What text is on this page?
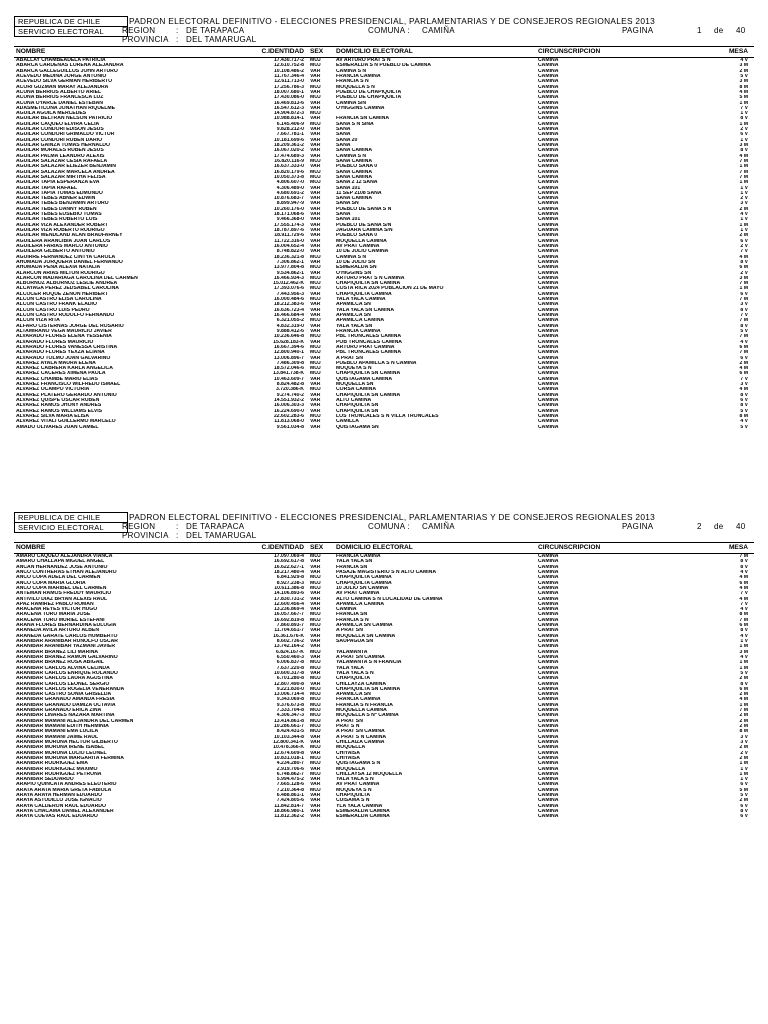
REPUBLICA DE CHILE
SERVICIO ELECTORAL
PADRON ELECTORAL DEFINITIVO - ELECCIONES PRESIDENCIAL, PARLAMENTARIAS Y DE CONSEJEROS REGIONALES 2013
REGION	: DE TARAPACA	COMUNA : CAMIÑA	PAGINA	1 de 40
PROVINCIA : DEL TAMARUGAL
NOMBRE	C.IDENTIDAD SEX DOMICILIO ELECTORAL	CIRCUNSCRIPCION	MESA
ABALLAY CHAMBEADELA PATRICIA	17.430.717-2 MUJ	AV ARTURO PRAT S N	CAMIÑA	4 V
ABARCA CARDENAS LORENA ALEJANDRA	12.610.752-8 MUJ	ESMERALDA S N PUEBLO DE CAMIÑA	CAMIÑA	3 M
ABARCA GALLEGUILLOS JOHN ARTURO	10.108.486-2 VAR	CAMIÑA S N	CAMIÑA	2 M
ACEVEDO MEDINA JORGE ANTONIO	11.767.346-4 VAR	FRANCIA CAMIÑA	CAMIÑA	5 V
ACEVEDO SILVA GERMAN HERIBERTO	12.611.713-0 VAR	FRANCIA S N	CAMIÑA	3 M
ACORI GUZMAN MARAY ALEJANDRA	17.256.786-3 MUJ	MOQUELLA S N	CAMIÑA	8 M
ACUÑA BERRIOS ALBERTO ARIEL	18.007.680-1 VAR	PUEBLO DE CHAPIQUILTA	CAMIÑA	4 M
ACUÑA BERRIOS FRANCESCA LUZ	17.430.086-0 MUJ	PUEBLO DE CHAPIQUILTA	CAMIÑA	5 M
ACUÑA OYARCE DANIEL ESTEBAN	16.469.813-6 VAR	CAMIÑA S/N	CAMIÑA	1 M
ADASMETICONA JONATHAN RIQUELME	16.547.612-3 VAR	O'HIGGINS CAMIÑA	CAMIÑA	7 V
AGUILA AGUILA MERCEDES	14.904.872-3 MUJ	CAMIÑA	1 V
AGUILAR BELTRAN NELSON PATRICIO	10.988.814-1 VAR	FRANCIA SN CAMIÑA	CAMIÑA	8 V
AGUILAR CAQUEO ELVIRA CELIA	6.145.406-9 MUJ	SAÑA S N SIÑA	CAMIÑA	1 M
AGUILAR CONDORI EDISON JESUS	9.828.212-0 VAR	SAÑA	CAMIÑA	2 V
AGUILAR CONDORI GRIMALDO VICTOR	7.667.781-1 VAR	SAÑA	CAMIÑA	6 V
AGUILAR CONDORI RUBEN DARIO	10.181.699-6 VAR	SAÑA 20	CAMIÑA	1 V
AGUILAR GAINZA TOMAS HERNALDO	18.209.361-2 VAR	SAÑA	CAMIÑA	3 M
AGUILAR MORALES RUBEN JESUS	16.067.020-2 VAR	SAÑA CAMIÑA	CAMIÑA	8 V
AGUILAR PALMA LEANDRO ALEXIS	17.474.689-3 VAR	CAMIÑA S N	CAMIÑA	4 M
AGUILAR SALAZAR CESIA RAFAELA	16.820.116-9 MUJ	SAÑA CAMIÑA	CAMIÑA	7 M
AGUILAR SALAZAR ELIEZER BENJAMIN	16.637.333-0 VAR	PUEBLO SAÑA 0	CAMIÑA	1 M
AGUILAR SALAZAR MARCELA ANDREA	16.820.179-6 MUJ	SAÑA CAMIÑA	CAMIÑA	7 M
AGUILAR SALAZAR MIRTHA FELISA	10.050.373-8 MUJ	SAÑA CAMIÑA	CAMIÑA	7 M
AGUILAR TAPIA ESPERANZA EVA	4.806.607-0 MUJ	SAÑA 2 12 SAÑA	CAMIÑA	1 M
AGUILAR TAPIA RAFAEL	4.306.489-0 VAR	SAÑA 101	CAMIÑA	1 V
AGUILAR TAPIA TOMAS EDMUNDO	4.680.691-2 VAR	11 SEP 2108 SAÑA	CAMIÑA	1 V
AGUILAR TEBES ABNER EDWIN	10.876.683-7 VAR	SAÑA CAMIÑA	CAMIÑA	2 V
AGUILAR TEBES BENJAMIN ARTURO	8.899.947-9 VAR	SAÑA SN	CAMIÑA	3 V
AGUILAR TEBES DANNY RUBEN	10.260.176-0 VAR	PUEBLO DE SAÑA S N	CAMIÑA	2 M
AGUILAR TEBES EUSEBIO TOMAS	18.171.068-6 VAR	SAÑA	CAMIÑA	4 V
AGUILAR TEBES ROBERTO LUIS	9.466.368-0 VAR	SAÑA 101	CAMIÑA	1 V
AGUILAR VIZA ALEXANDER ROBERT	17.555.174-3 VAR	PUEBLO DE SAÑA S/N	CAMIÑA	1 M
AGUILAR VIZA ROBERTO RODRIGO	18.787.897-6 VAR	JAGUARA CAMIÑA S/N	CAMIÑA	1 V
AGUILAR WENDLAND ALAN BRADFARNEY	18.911.729-6 VAR	PUEBLO SAÑA 0	CAMIÑA	2 M
AGUILERA ARANCIBIA JUAN CARLOS	11.722.316-0 VAR	MOQUELLA CAMIÑA	CAMIÑA	6 V
AGUILERA FARIAS MARCO ANTONIO	16.004.652-4 VAR	AV PRAT CAMIÑA	CAMIÑA	2 V
AGUILERA GILBERTO ANTONIO	8.748.822-0 VAR	10 DE JULIO CAMIÑA	CAMIÑA	7 V
AGUIRRE FERNANDEZ CINTYA CAROLA	18.236.321-8 MUJ	CAMIÑA S N	CAMIÑA	4 M
AHUMADA JORQUERA DANIEL FERNANDO	7.306.862-1 VAR	10 DE JULIO SN	CAMIÑA	8 V
AHUMADA PEÑA ALEXIA NATALIA	13.977.804-8 MUJ	ESMERALDA SN	CAMIÑA	6 M
ALARCON ARIAS MILTON RODRIGO	9.534.862-1 VAR	O'HIGGINS SN	CAMIÑA	2 V
ALARCON MADARIAGA CAROLINA DEL CARMEN	16.466.934-3 MUJ	ARTURO PRAT S N CAMIÑA	CAMIÑA	3 M
ALBORNOZ ALBORNOZ LESLIE ANDREA	15.012.462-K MUJ	CHAPIQUILTA SN CAMIÑA	CAMIÑA	7 M
ALCAYAGA PEREZ JEDSABEL CAROLINA	17.393.076-6 MUJ	COSTA RICA 2024 POBLACION 21 DE MAYO	CAMIÑA	1 M
ALCOCER ROQUE ZENON HERIBERT	7.443.956-3 VAR	CHAPIQUILTA CAMIÑA	CAMIÑA	6 V
ALCON CASTRO ELISA CAROLINA	16.000.484-6 MUJ	YALA YALA CAMIÑA	CAMIÑA	7 M
ALCON CASTRO FRANK ELADIO	18.212.383-6 VAR	APAMILCA SN	CAMIÑA	3 V
ALCON CASTRO LUIS PEDRO	16.636.723-4 VAR	YALA YALA SN CAMIÑA	CAMIÑA	8 V
ALCON CASTRO RODOLFO FERNANDO	16.466.684-4 VAR	APAMILCA SN	CAMIÑA	7 V
ALCON VIZA RITA	6.321.055-2 MUJ	APAMILCA CAMIÑA	CAMIÑA	7 M
ALFARO CISTERNAS JORGE DEL ROSARIO	4.832.319-0 VAR	YALA YALA SN	CAMIÑA	8 V
ALTAMIRANO VEGA MAURICIO JAVIER	9.888.412-6 VAR	FRANCIA CAMIÑA	CAMIÑA	5 V
ALVARADO FLORES ELENA YESSENIA	10.236.646-8 MUJ	PBL TRONCALES CAMIÑA	CAMIÑA	7 M
ALVARADO FLORES MAURICIO	15.628.183-K VAR	POB TRONCALES CAMIÑA	CAMIÑA	4 V
ALVARADO FLORES VANESSA CRISTINA	16.667.394-6 MUJ	ARTURO PRAT CAMIÑA	CAMIÑA	6 M
ALVARADO FLORES YEXZA ELIANA	12.800.940-1 MUJ	PBL TRONCALES CAMIÑA	CAMIÑA	7 M
ALVARADO TOLMO JUAN GALVARINO	13.006.896-7 VAR	A PRAT SN	CAMIÑA	6 V
ALVAREZ AYALA MAURA ELENA	7.486.309-8 MUJ	PUEBLO APAMILCA S N CAMIÑA	CAMIÑA	2 M
ALVAREZ CABRERA KARLA ANGELICA	18.572.046-6 MUJ	MOQUEYA S N	CAMIÑA	4 M
ALVAREZ CACERES XIMENA PAOLA	13.841.738-K MUJ	CHAPIQUILTA SN CAMIÑA	CAMIÑA	6 M
ALVAREZ CHAMBE MARIO ELIAS	10.463.609-7 VAR	QUISTAGAMA CAMIÑA	CAMIÑA	7 V
ALVAREZ FRANCISCO WILFREDO ISMAEL	8.824.482-8 VAR	MOQUELLA SN	CAMIÑA	3 V
ALVAREZ OCAMPO VICTORIA	3.720.386-K MUJ	CORSA CAMIÑA	CAMIÑA	4 M
ALVAREZ PLATERO GERARDO ANTONIO	9.274.740-2 VAR	CHAPIQUILTA SN CAMIÑA	CAMIÑA	8 V
ALVAREZ QUISPE OSCAR RUBEN	14.551.932-2 VAR	ALTO CAMIÑA	CAMIÑA	6 V
ALVAREZ RAMOS JHONY ANDRES	16.006.303-3 VAR	CHAPIQUILTA SN	CAMIÑA	8 V
ALVAREZ RAMOS WILLIAMS ELVIS	16.224.690-0 VAR	CHAPIQUILTA SN	CAMIÑA	5 V
ALVAREZ SILVA MARIA ELISA	22.602.283-6 MUJ	LOS TRONCALES S N VILLA TRONCALES	CAMIÑA	8 M
ALVAREZ VITALI GUILLERMO MARCELO	11.813.068-0 VAR	CAMILLA	CAMIÑA	4 V
AMADO OLIVARES JUAN CAMIEL	9.561.034-8 VAR	QUISTAGAMA SN	CAMIÑA	5 V
REPUBLICA DE CHILE
SERVICIO ELECTORAL
PADRON ELECTORAL DEFINITIVO - ELECCIONES PRESIDENCIAL, PARLAMENTARIAS Y DE CONSEJEROS REGIONALES 2013
REGION	: DE TARAPACA	COMUNA : CAMIÑA	PAGINA	2 de 40
PROVINCIA : DEL TAMARUGAL
NOMBRE	C.IDENTIDAD SEX DOMICILIO ELECTORAL	CIRCUNSCRIPCION	MESA
AMARO CAQUEO ALEJANDRA VIANCA	17.097.069-4 MUJ	FRANCIA CAMIÑA	CAMIÑA	7 M
AMARO CHALLAPA MIGUEL ANGEL	16.692.617-8 VAR	YALA YALA SN	CAMIÑA	8 V
ANCAN HERNANDEZ JOSE ANTONIO	16.622.627-1 VAR	FRANCIA SN	CAMIÑA	8 V
ANCO CONTRERAS ETHAN ALEJANDRO	18.217.480-4 VAR	PASAJE MAGISTERIO S N ALTO CAMIÑA	CAMIÑA	4 V
ANCO COPA ADELA DEL CARMEN	6.841.929-8 MUJ	CHAPIQUILTA CAMIÑA	CAMIÑA	4 M
ANCO COPA MARIA GLORIA	8.927.238-3 MUJ	CHAPIQUILTA CAMIÑA	CAMIÑA	6 M
ANCO COPA MARIBEL DEL CARMEN	10.611.386-8 MUJ	10 JULIO SN CAMIÑA	CAMIÑA	4 M
ANTEMAN RAMOS FREDDY MAURICIO	14.106.893-6 VAR	AV PRAT CAMIÑA	CAMIÑA	7 V
ANTIVILO DIAZ BRYAN ALEXIS RAUL	17.830.731-2 VAR	ALTO CAMIÑA S N LOCALIDAD DE CAMIÑA	CAMIÑA	4 M
APAZ RAMIREZ PABLO ROMAN	12.600.456-4 VAR	APAMILCA CAMIÑA	CAMIÑA	7 V
ARACENA REYES VICTOR HUGO	13.236.869-4 VAR	CAMIÑA	CAMIÑA	4 V
ARACENA TORO MARIA JOSE	16.057.667-7 MUJ	FRANCIA SN	CAMIÑA	8 M
ARACENA TORO MURIEL ESTEFANI	16.692.819-8 MUJ	FRANCIA S N	CAMIÑA	7 M
ARANA FLORES BERNARDINA EULOGIA	7.860.893-7 MUJ	APAMILCA SN CAMIÑA	CAMIÑA	6 M
ARANEDA AVILA ARTURO ALBEN	11.704.651-7 VAR	A PRAT SN	CAMIÑA	8 V
ARANEDA GARATE CARLOS HUMBERTO	16.361.676-K VAR	MOQUELLA SN CAMIÑA	CAMIÑA	4 V
ARANIBAR ARANIBAR RUNOLFO OSCAR	8.602.736-2 VAR	SAUPAGUA SN	CAMIÑA	1 V
ARANIBAR ARANIBAR YAZMANI JAVIER	13.742.164-2 VAR	CAMIÑA	1 M
ARANIBAR BRAÑEZ LILI MARINA	6.824.167-K MUJ	YALAMANTA	CAMIÑA	3 M
ARANIBAR BRAÑEZ RAMON GALVARINO	6.550.460-3 VAR	A PRAT SN CAMIÑA	CAMIÑA	4 V
ARANIBAR BRAÑEZ ROSA ABIGAIL	6.006.837-8 MUJ	YALAMANTA S N FRANCIA	CAMIÑA	1 M
ARANIBAR CARLOS ALVINA CELINDA	7.637.220-8 MUJ	YALA YALA	CAMIÑA	1 M
ARANIBAR CARLOS ENRIQUE ROLANDO	10.600.317-8 VAR	YALA YALA S N	CAMIÑA	5 V
ARANIBAR CARLOS LAURA AGUSTINA	6.701.280-8 MUJ	CHAPIQUILTA	CAMIÑA	2 M
ARANIBAR CARLOS LEONEL SERGIO	12.807.490-8 VAR	CHILLAYZA CAMIÑA	CAMIÑA	8 V
ARANIBAR CARLOS ROGELIA VENERANDA	9.221.830-0 MUJ	CHAPIQUILTA SN CAMIÑA	CAMIÑA	6 M
ARANIBAR CASTRO SONIA GRISELDA	13.006.714-4 MUJ	APAMILCA SN	CAMIÑA	2 M
ARANIBAR GRANADO AMANDA FRESIA	9.343.069-8 MUJ	FRANCIA CAMIÑA	CAMIÑA	4 M
ARANIBAR GRANADO DAMIZA OCTAVIA	9.376.673-8 MUJ	FRANCIA S N FRANCIA	CAMIÑA	1 M
ARANIBAR GRANADO ERICA ZINA	7.333.704-8 MUJ	MOQUELLA CAMIÑA	CAMIÑA	7 M
ARANIBAR LINARES NAZARA MARTINA	4.306.347-3 MUJ	MOQUELLA S N* CAMIÑA	CAMIÑA	2 M
ARANIBAR MAMANI ALEJANDRA DEL CARMEN	13.414.861-8 MUJ	A PRAT SN	CAMIÑA	2 M
ARANIBAR MAMANI EDITH HERMINIA	10.286.661-7 MUJ	PRAT S N	CAMIÑA	2 M
ARANIBAR MAMANI EMA LUCILA	8.424.431-5 MUJ	A PRAT SN CAMIÑA	CAMIÑA	8 M
ARANIBAR MAMANI JAIME RAUL	10.103.344-8 VAR	A PRAT S N CAMIÑA	CAMIÑA	3 V
ARANIBAR MORUNA HECTOR GILBERTO	12.800.341-K VAR	CHILLAIZA CAMIÑA	CAMIÑA	3 V
ARANIBAR MORUNA IRENE ISABEL	10.478.366-K MUJ	MOQUELLA	CAMIÑA	2 M
ARANIBAR MORUNA LUCIO LEONEL	12.674.609-8 VAR	CHIYAISA	CAMIÑA	2 V
ARANIBAR MORUNA MARGARITA FERMINA	10.831.018-1 MUJ	CHIYAISA	CAMIÑA	2 M
ARANIBAR RODRIGUEZ EMA	4.234.280-7 MUJ	QUISTAGAMA S N	CAMIÑA	1 M
ARANIBAR RODRIGUEZ MAXIMO	2.919.706-6 VAR	MOQUELLA	CAMIÑA	1 V
ARANIBAR RODRIGUEZ PETRONA	6.748.862-7 MUJ	CHILLAYSA 12 MOQUELLA	CAMIÑA	1 M
ARANIBAR SEDUARDO	5.994.475-2 VAR	YALA YALA S N	CAMIÑA	1 V
ARAPIO QUINCATA ANDRES ELEUTERIO	7.665.128-6 VAR	AV PRAT CAMIÑA	CAMIÑA	6 V
ARATA ARATA MARIA GRETA FABIOLA	7.210.364-8 MUJ	MOQUEYA S N	CAMIÑA	5 M
ARAYA ARAYA HERMAN EDUARDO	6.488.861-1 VAR	CHAPIQUILTA	CAMIÑA	5 V
ARAYA ASTUDILLO JOSE IGNACIO	7.424.805-6 VAR	CUISAMA S N	CAMIÑA	2 M
ARAYA CALDERON RAUL EDUARDO	11.842.814-7 VAR	YLA YALA CAMIÑA	CAMIÑA	6 V
ARAYA CHACAMA DANIEL ALEXANDER	18.866.980-1 VAR	ESMERALDA CAMIÑA	CAMIÑA	8 V
ARAYA CUEVAS RAUL EDUARDO	11.812.362-2 VAR	ESMERALDA CAMIÑA	CAMIÑA	6 V
